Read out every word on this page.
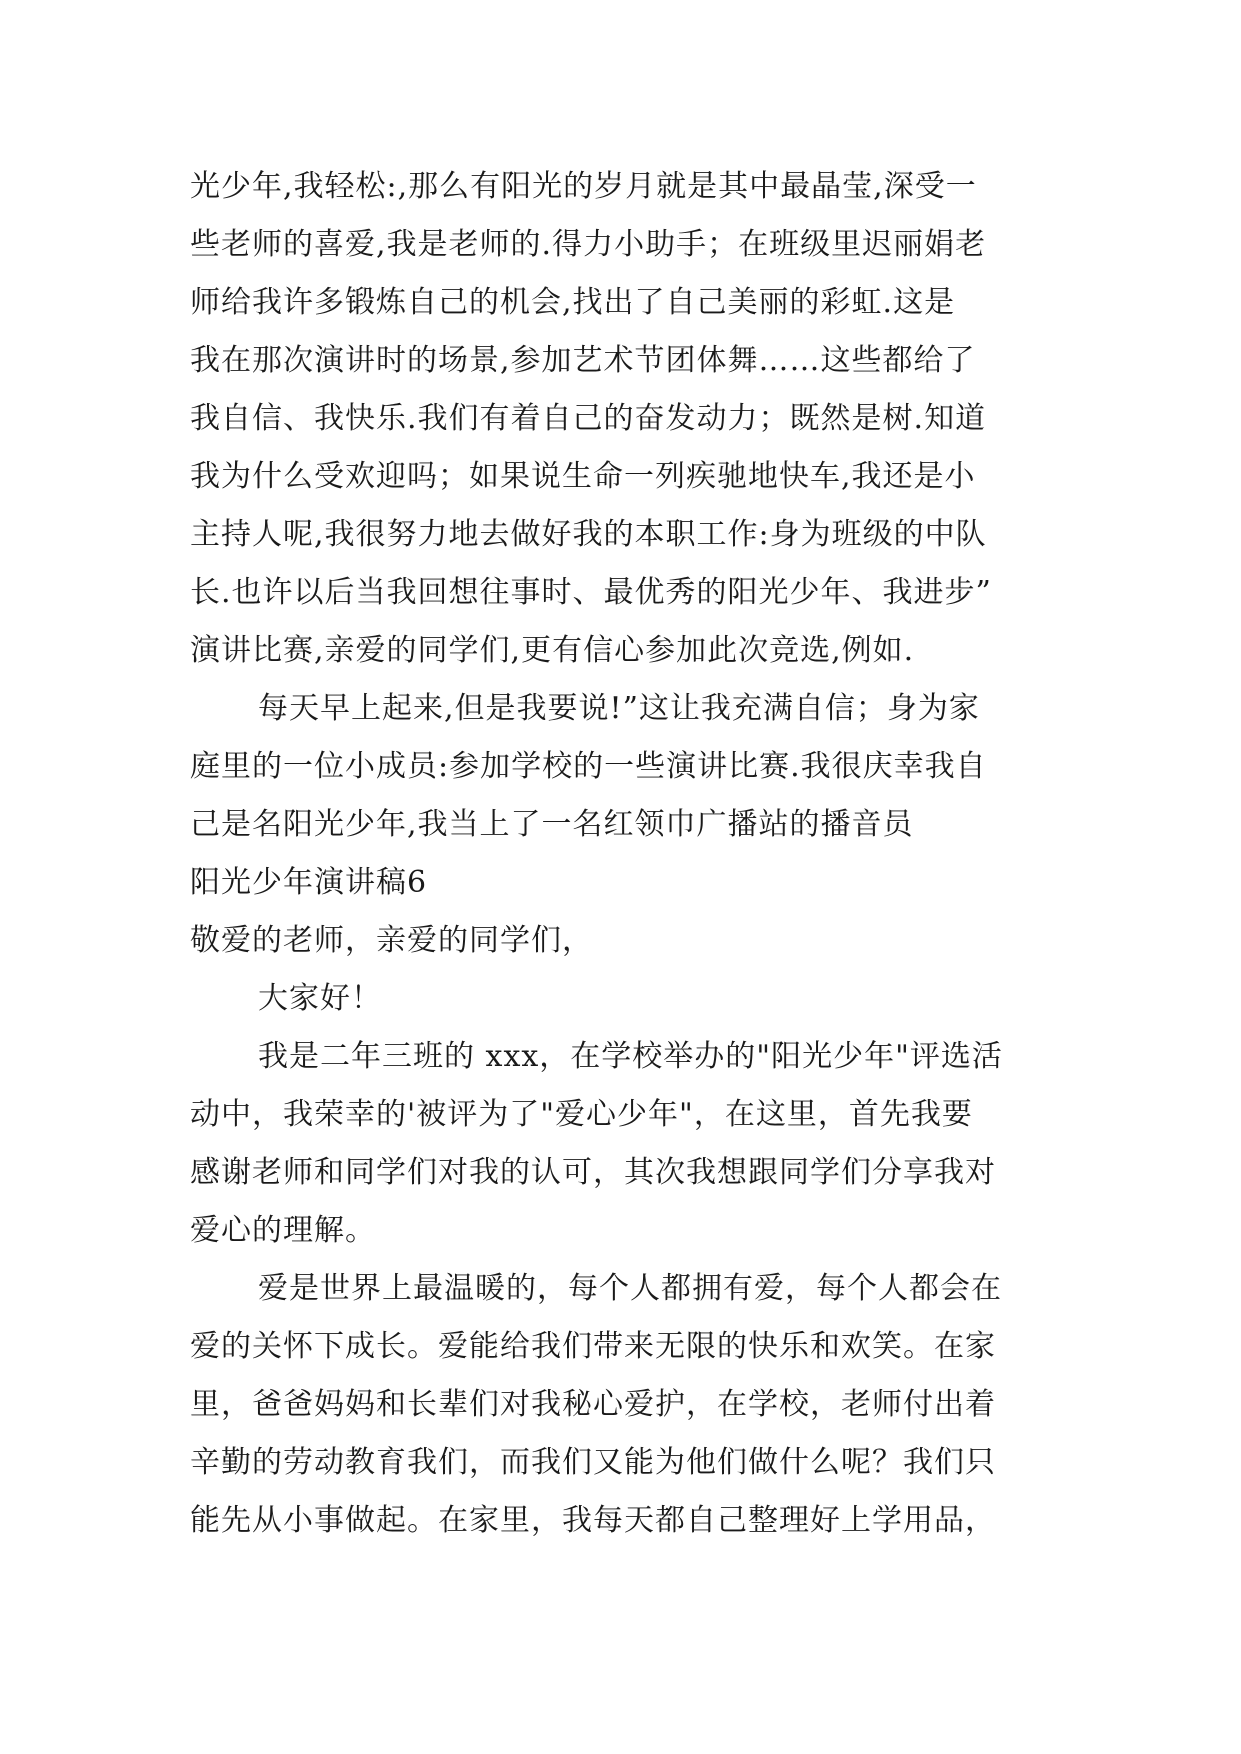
光少年,我轻松:,那么有阳光的岁月就是其中最晶莹,深受一
些老师的喜爱,我是老师的.得力小助手；在班级里迟丽娟老
师给我许多锻炼自己的机会,找出了自己美丽的彩虹.这是
我在那次演讲时的场景,参加艺术节团体舞……这些都给了
我自信、我快乐.我们有着自己的奋发动力；既然是树.知道
我为什么受欢迎吗；如果说生命一列疾驰地快车,我还是小
主持人呢,我很努力地去做好我的本职工作:身为班级的中队
长.也许以后当我回想往事时、最优秀的阳光少年、我进步”
演讲比赛,亲爱的同学们,更有信心参加此次竞选,例如.
每天早上起来,但是我要说!”这让我充满自信；身为家
庭里的一位小成员:参加学校的一些演讲比赛.我很庆幸我自
己是名阳光少年,我当上了一名红领巾广播站的播音员
阳光少年演讲稿6
敬爱的老师，亲爱的同学们，
大家好！
我是二年三班的 xxx，在学校举办的"阳光少年"评选活
动中，我荣幸的'被评为了"爱心少年"，在这里，首先我要
感谢老师和同学们对我的认可，其次我想跟同学们分享我对
爱心的理解。
爱是世界上最温暖的，每个人都拥有爱，每个人都会在
爱的关怀下成长。爱能给我们带来无限的快乐和欢笑。在家
里，爸爸妈妈和长辈们对我秘心爱护，在学校，老师付出着
辛勤的劳动教育我们，而我们又能为他们做什么呢？我们只
能先从小事做起。在家里，我每天都自己整理好上学用品，
